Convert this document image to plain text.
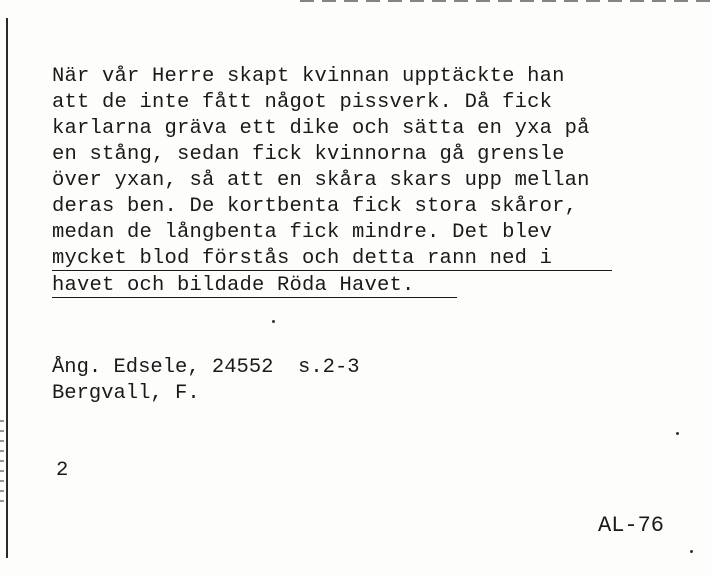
När vår Herre skapt kvinnan upptäckte han
att de inte fått något pissverk. Då fick
karlarna gräva ett dike och sätta en yxa på
en stång, sedan fick kvinnorna gå grensle
över yxan, så att en skåra skars upp mellan
deras ben. De kortbenta fick stora skåror,
medan de långbenta fick mindre. Det blev
mycket blod förstås och detta rann ned i
havet och bildade Röda Havet.
Ång. Edsele, 24552  s.2-3
Bergvall, F.
2
AL-76
